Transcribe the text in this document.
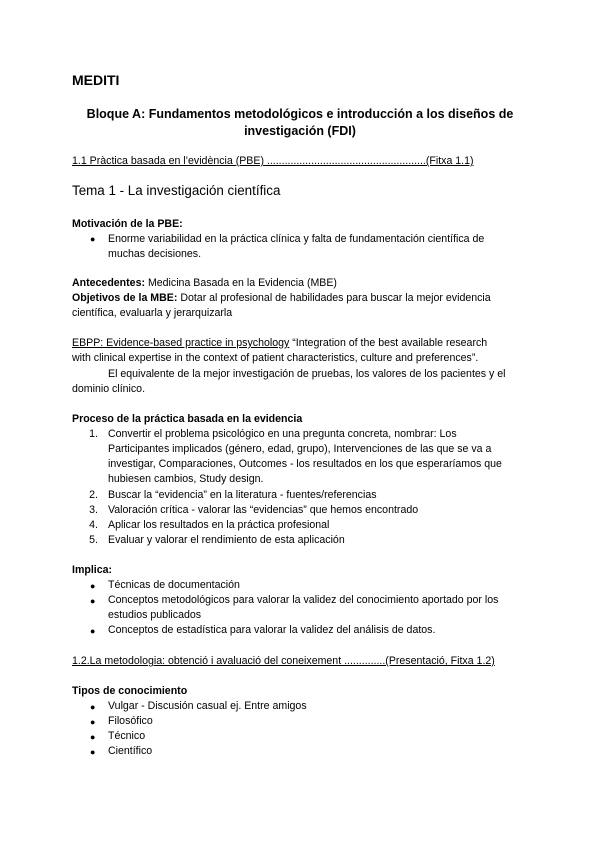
MEDITI
Bloque A: Fundamentos metodológicos e introducción a los diseños de
investigación (FDI)
1.1 Pràctica basada en l’evidència (PBE) ......................................................(Fitxa 1.1)
Tema 1 - La investigación científica
Motivación de la PBE:
● Enorme variabilidad en la práctica clínica y falta de fundamentación científica de
muchas decisiones.
Antecedentes: Medicina Basada en la Evidencia (MBE)
Objetivos de la MBE: Dotar al profesional de habilidades para buscar la mejor evidencia
científica, evaluarla y jerarquizarla
EBPP: Evidence-based practice in psychology “Integration of the best available research
with clinical expertise in the context of patient characteristics, culture and preferences”.
El equivalente de la mejor investigación de pruebas, los valores de los pacientes y el
dominio clínico.
Proceso de la práctica basada en la evidencia
1. Convertir el problema psicológico en una pregunta concreta, nombrar: Los
Participantes implicados (género, edad, grupo), Intervenciones de las que se va a
investigar, Comparaciones, Outcomes - los resultados en los que esperaríamos que
hubiesen cambios, Study design.
2. Buscar la “evidencia” en la literatura - fuentes/referencias
3. Valoración crítica - valorar las “evidencias” que hemos encontrado
4. Aplicar los resultados en la práctica profesional
5. Evaluar y valorar el rendimiento de esta aplicación
Implica:
● Técnicas de documentación
● Conceptos metodológicos para valorar la validez del conocimiento aportado por los
estudios publicados
● Conceptos de estadística para valorar la validez del análisis de datos.
1.2.La metodologia: obtenció i avaluació del coneixement ..............(Presentació, Fitxa 1.2)
Tipos de conocimiento
● Vulgar - Discusión casual ej. Entre amigos
● Filosófico
● Técnico
● Científico
